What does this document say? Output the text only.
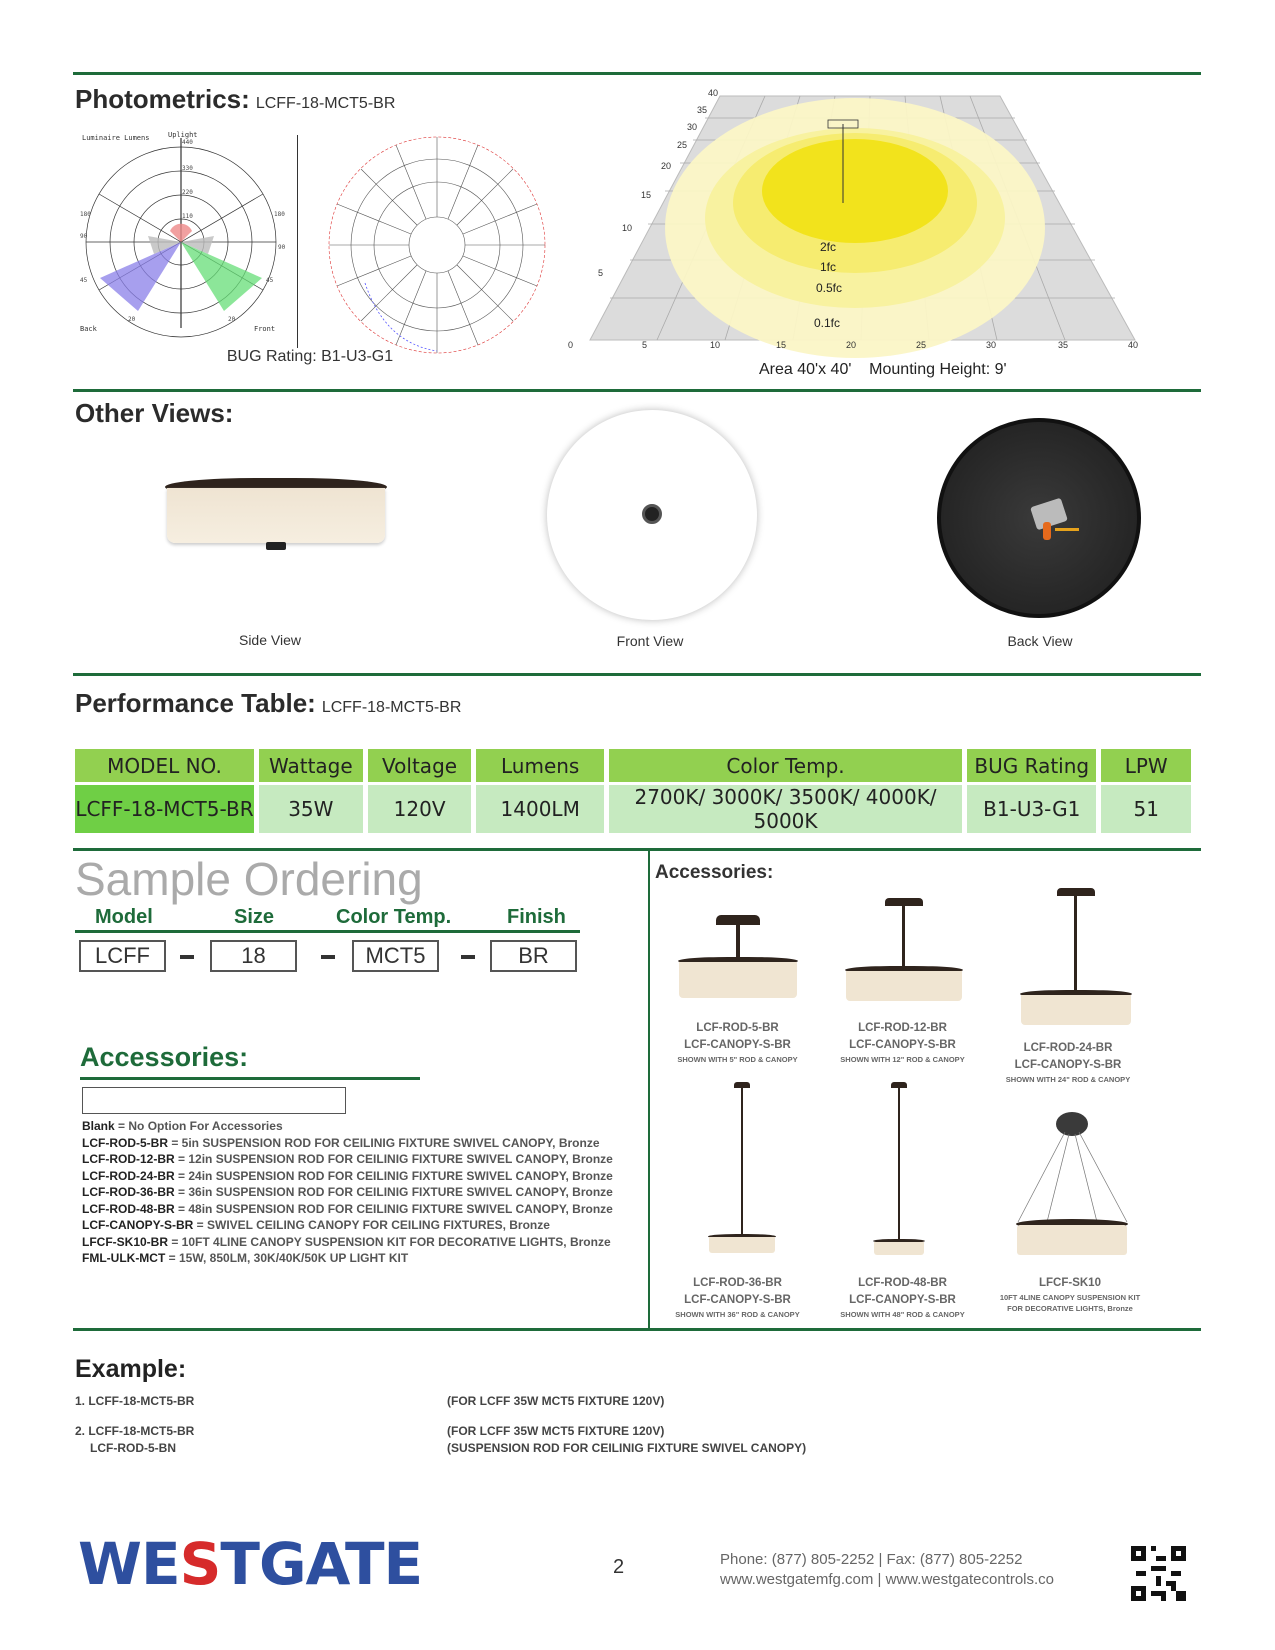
Photometrics: LCFF-18-MCT5-BR
Luminaire Lumens	Uplight
440
330
220
110
180
90
45
180
90
45
20	20
Back	Front
BUG Rating: B1-U3-G1
2fc
1fc
0.5fc
0.1fc
40
35
30
25
20
15
10
5
0	5	10	15	20	25	30	35	40
Area 40'x 40' Mounting Height: 9'
Other Views:
Side View	Front View	Back View
Performance Table: LCFF-18-MCT5-BR
MODEL NO.	Wattage	Voltage	Lumens	Color Temp.	BUG Rating	LPW
LCFF-18-MCT5-BR	35W	120V	1400LM	2700K/ 3000K/ 3500K/ 4000K/ 5000K	B1-U3-G1	51
Sample Ordering
Model	Size	Color Temp.	Finish
LCFF	18	MCT5	BR
Accessories:
Blank = No Option For Accessories
LCF-ROD-5-BR = 5in SUSPENSION ROD FOR CEILINIG FIXTURE SWIVEL CANOPY, Bronze
LCF-ROD-12-BR = 12in SUSPENSION ROD FOR CEILINIG FIXTURE SWIVEL CANOPY, Bronze
LCF-ROD-24-BR = 24in SUSPENSION ROD FOR CEILINIG FIXTURE SWIVEL CANOPY, Bronze
LCF-ROD-36-BR = 36in SUSPENSION ROD FOR CEILINIG FIXTURE SWIVEL CANOPY, Bronze
LCF-ROD-48-BR = 48in SUSPENSION ROD FOR CEILINIG FIXTURE SWIVEL CANOPY, Bronze
LCF-CANOPY-S-BR = SWIVEL CEILING CANOPY FOR CEILING FIXTURES, Bronze
LFCF-SK10-BR = 10FT 4LINE CANOPY SUSPENSION KIT FOR DECORATIVE LIGHTS, Bronze
FML-ULK-MCT = 15W, 850LM, 30K/40K/50K UP LIGHT KIT
Accessories:
LCF-ROD-5-BR
LCF-CANOPY-S-BR
SHOWN WITH 5" ROD & CANOPY
LCF-ROD-12-BR
LCF-CANOPY-S-BR
SHOWN WITH 12" ROD & CANOPY
LCF-ROD-24-BR
LCF-CANOPY-S-BR
SHOWN WITH 24" ROD & CANOPY
LCF-ROD-36-BR
LCF-CANOPY-S-BR
SHOWN WITH 36" ROD & CANOPY
LCF-ROD-48-BR
LCF-CANOPY-S-BR
SHOWN WITH 48" ROD & CANOPY
LFCF-SK10
10FT 4LINE CANOPY SUSPENSION KIT
FOR DECORATIVE LIGHTS, Bronze
Example:
1. LCFF-18-MCT5-BR	(FOR LCFF 35W MCT5 FIXTURE 120V)
2. LCFF-18-MCT5-BR
LCF-ROD-5-BN
(FOR LCFF 35W MCT5 FIXTURE 120V)
(SUSPENSION ROD FOR CEILINIG FIXTURE SWIVEL CANOPY)
WESTGATE	2	Phone: (877) 805-2252 | Fax: (877) 805-2252
www.westgatemfg.com | www.westgatecontrols.co
